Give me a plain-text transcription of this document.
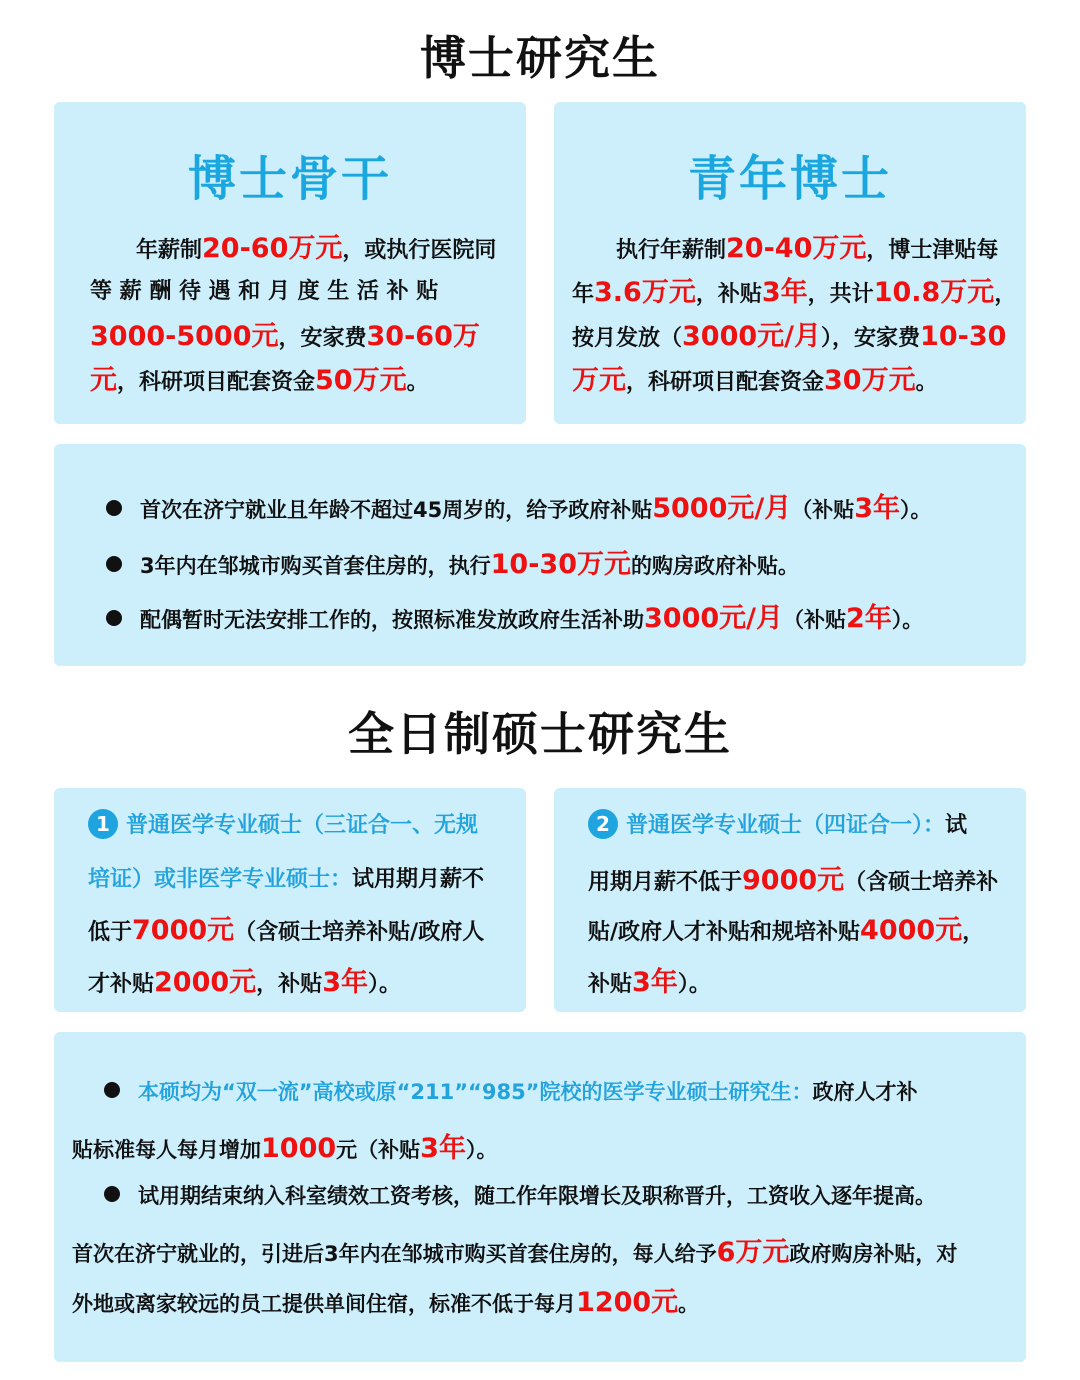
博士研究生
博士骨干
年薪制20-60万元，或执行医院同
等 薪 酬 待 遇 和 月 度 生 活 补 贴
3000-5000元，安家费30-60万
元，科研项目配套资金50万元。
青年博士
执行年薪制20-40万元，博士津贴每
年3.6万元，补贴3年，共计10.8万元，
按月发放（3000元/月），安家费10-30
万元，科研项目配套资金30万元。
首次在济宁就业且年龄不超过45周岁的，给予政府补贴5000元/月（补贴3年）。
3年内在邹城市购买首套住房的，执行10-30万元的购房政府补贴。
配偶暂时无法安排工作的，按照标准发放政府生活补助3000元/月（补贴2年）。
全日制硕士研究生
1 普通医学专业硕士（三证合一、无规
培证）或非医学专业硕士：试用期月薪不
低于7000元（含硕士培养补贴/政府人
才补贴2000元，补贴3年）。
2 普通医学专业硕士（四证合一）：试
用期月薪不低于9000元（含硕士培养补
贴/政府人才补贴和规培补贴4000元，
补贴3年）。
本硕均为“双一流”高校或原“211”“985”院校的医学专业硕士研究生：政府人才补
贴标准每人每月增加1000元（补贴3年）。
试用期结束纳入科室绩效工资考核，随工作年限增长及职称晋升，工资收入逐年提高。
首次在济宁就业的，引进后3年内在邹城市购买首套住房的，每人给予6万元政府购房补贴，对
外地或离家较远的员工提供单间住宿，标准不低于每月1200元。
